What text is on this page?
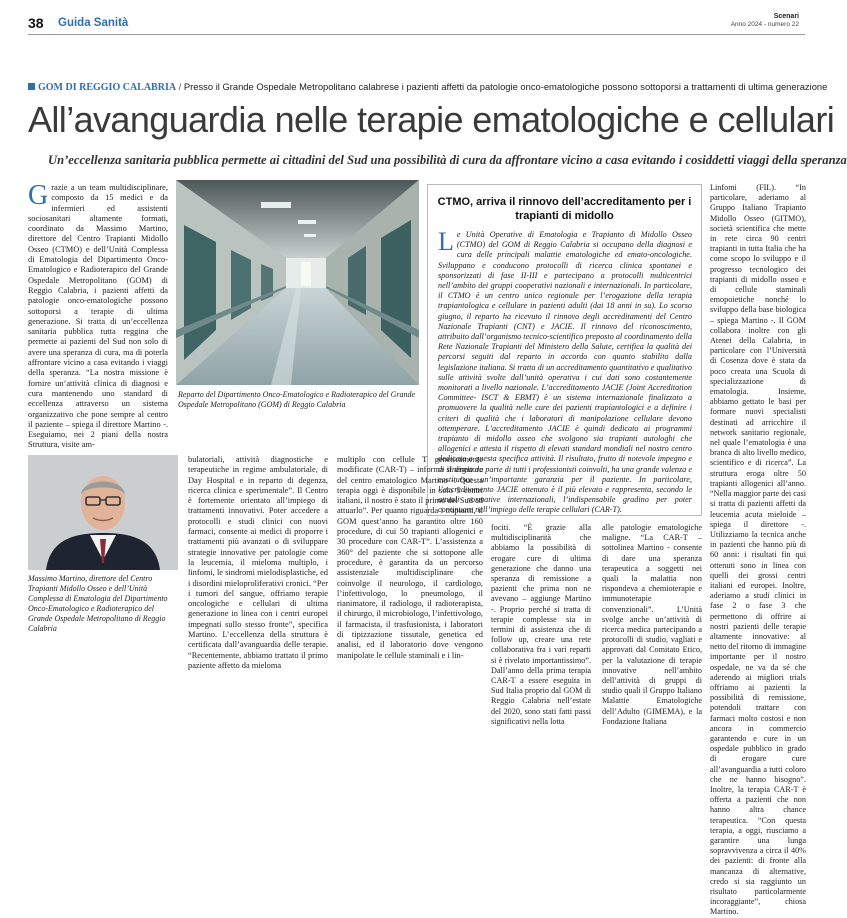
38 Guida Sanità
Scenari
Anno 2024 - numero 22
GOM DI REGGIO CALABRIA / Presso il Grande Ospedale Metropolitano calabrese i pazienti affetti da patologie onco-ematologiche possono sottoporsi a trattamenti di ultima generazione
All’avanguardia nelle terapie ematologiche e cellulari
Un’eccellenza sanitaria pubblica permette ai cittadini del Sud una possibilità di cura da affrontare vicino a casa evitando i cosiddetti viaggi della speranza
Grazie a un team multidisciplinare, composto da 15 medici e da infermieri ed assistenti sociosanitari altamente formati, coordinato da Massimo Martino, direttore del Centro Trapianti Midollo Osseo (CTMO) e dell’Unità Complessa di Ematologia del Dipartimento Onco-Ematologico e Radioterapico del Grande Ospedale Metropolitano (GOM) di Reggio Calabria, i pazienti affetti da patologie onco-ematologiche possono sottoporsi a terapie di ultima generazione. Si tratta di un’eccellenza sanitaria pubblica tutta reggina che permette ai pazienti del Sud non solo di avere una speranza di cura, ma di poterla affrontare vicino a casa evitando i viaggi della speranza. “La nostra missione è fornire un’attività clinica di diagnosi e cura mantenendo uno standard di eccellenza attraverso un sistema organizzativo che pone sempre al centro il paziente – spiega il direttore Martino -. Eseguiamo, nei 2 piani della nostra Struttura, visite am-
Reparto del Dipartimento Onco-Ematologico e Radioterapico del Grande Ospedale Metropolitano (GOM) di Reggio Calabria
CTMO, arriva il rinnovo dell’accreditamento per i trapianti di midollo
Le Unità Operative di Ematologia e Trapianto di Midollo Osseo (CTMO) del GOM di Reggio Calabria si occupano della diagnosi e cura delle principali malattie ematologiche ed emato-oncologiche. Sviluppano e conducono protocolli di ricerca clinica spontanei e sponsorizzati di fase II-III e partecipano a protocolli multicentrici nell’ambito dei gruppi cooperativi nazionali e internazionali. In particolare, il CTMO è un centro unico regionale per l’erogazione della terapia trapiantologica e cellulare in pazienti adulti (dai 18 anni in su). Lo scorso giugno, il reparto ha ricevuto il rinnovo degli accreditamenti del Centro Nazionale Trapianti (CNT) e JACIE. Il rinnovo del riconoscimento, attribuito dall’organismo tecnico-scientifico preposto al coordinamento della Rete Nazionale Trapianti del Ministero della Salute, certifica la qualità dei percorsi seguiti dal reparto in accordo con quanto stabilito dalla legislazione italiana. Si tratta di un accreditamento quantitativo e qualitativo sulle attività svolte dall’unità operativa i cui dati sono costantemente monitorati a livello nazionale. L’accreditamento JACIE (Joint Accreditation Committee- ISCT & EBMT) è un sistema internazionale finalizzato a promuovere la qualità nelle cure dei pazienti trapiantologici e a definire i criteri di qualità che i laboratori di manipolazione cellulare devono ottemperare. L’accreditamento JACIE è quindi dedicato ai programmi trapianto di midollo osseo che svolgono sia trapianti autologhi che allogenici e attesta il rispetto di elevati standard mondiali nel nostro centro dedicato a questa specifica attività. Il risultato, frutto di notevole impegno e di sinergia da parte di tutti i professionisti coinvolti, ha una grande valenza e costituisce un’importante garanzia per il paziente. In particolare, l’accreditamento JACIE ottenuto è il più elevato e rappresenta, secondo le attuali normative internazionali, l’indispensabile gradino per poter continuare nell’impiego delle terapie cellulari (CAR-T).
Linfomi (FIL). “In particolare, aderiamo al Gruppo Italiano Trapianto Midollo Osseo (GITMO), società scientifica che mette in rete circa 90 centri trapianti in tutta Italia che ha come scopo lo sviluppo e il progresso tecnologico dei trapianti di midollo osseo e di cellule staminali emopoietiche nonché lo sviluppo della base biologica – spiega Martino -. Il GOM collabora inoltre con gli Atenei della Calabria, in particolare con l’Università di Cosenza dove è stata da poco creata una Scuola di specializzazione di ematologia. Insieme, abbiamo gettato le basi per formare nuovi specialisti destinati ad arricchire il network sanitario regionale, nel quale l’ematologia è una branca di alto livello medico, scientifico e di ricerca”. La struttura eroga oltre 50 trapianti allogenici all’anno. “Nella maggior parte dei casi si tratta di pazienti affetti da leucemia acuta mieloide – spiega il direttore -. Utilizziamo la tecnica anche in pazienti che hanno più di 60 anni: i risultati fin qui ottenuti sono in linea con quelli dei grossi centri italiani ed europei. Inoltre, aderiamo a studi clinici in fase 2 o fase 3 che permettono di offrire ai nostri pazienti delle terapie altamente innovative: al netto del ritorno di immagine importante per il nostro ospedale, ne va da sé che aderendo ai migliori trials offriamo ai pazienti la possibilità di remissione, potendoli trattare con farmaci molto costosi e non ancora in commercio garantendo e cure in un ospedale pubblico in grado di erogare cure all’avanguardia a tutti coloro che ne hanno bisogno”. Inoltre, la terapia CAR-T è offerta a pazienti che non hanno altra chance terapeutica. “Con questa terapia, a oggi, riusciamo a garantire una lunga sopravvivenza a circa il 40% dei pazienti: di fronte alla mancanza di alternative, credo si sia raggiunto un risultato particolarmente incoraggiante”, chiosa Martino.
Massimo Martino, direttore del Centro Trapianti Midollo Osseo e dell’Unità Complessa di Ematologia del Dipartimento Onco-Ematologico e Radioterapico del Grande Ospedale Metropolitano di Reggio Calabria
bulatoriali, attività diagnostiche e terapeutiche in regime ambulatoriale, di Day Hospital e in reparto di degenza, ricerca clinica e sperimentale”. Il Centro è fortemente orientato all’impiego di trattamenti innovativi. Poter accedere a protocolli e studi clinici con nuovi farmaci, consente ai medici di proporre i trattamenti più avanzati o di sviluppare strategie innovative per patologie come la leucemia, il mieloma multiplo, i linfomi, le sindromi mielodisplastiche, ed i disordini mieloproliferativi cronici. “Per i tumori del sangue, offriamo terapie oncologiche e cellulari di ultima generazione in linea con i centri europei impegnati sullo stesso fronte”, specifica Martino. L’eccellenza della struttura è certificata dall’avanguardia delle terapie. “Recentemente, abbiamo trattato il primo paziente affetto da mieloma
multiplo con cellule T geneticamente modificate (CAR-T) – informa il direttore del centro ematologico Martino -. Questa terapia oggi è disponibile in solo 5 centri italiani, il nostro è stato il primo del Sud ad attuarlo”. Per quanto riguarda i trapianti, il GOM quest’anno ha garantito oltre 160 procedure, di cui 50 trapianti allogenici e 30 procedure con CAR-T”. L’assistenza a 360° del paziente che si sottopone alle procedure, è garantita da un percorso assistenziale multidisciplinare che coinvolge il neurologo, il cardiologo, l’infettivologo, lo pneumologo, il rianimatore, il radiologo, il radioterapista, il chirurgo, il microbiologo, l’infettivologo, il farmacista, il trasfusionista, i laboratori di tipizzazione tissutale, genetica ed analisi, ed il laboratorio dove vengono manipolate le cellule staminali e i lin-
fociti. “È grazie alla multidisciplinarità che abbiamo la possibilità di erogare cure di ultima generazione che danno una speranza di remissione a pazienti che prima non ne avevano – aggiunge Martino -. Proprio perché si tratta di terapie complesse sia in termini di assistenza che di follow up, creare una rete collaborativa fra i vari reparti si è rivelato importantissimo”. Dall’anno della prima terapia CAR-T a essere eseguita in Sud Italia proprio dal GOM di Reggio Calabria nell’estate del 2020, sono stati fatti passi significativi nella lotta
alle patologie ematologiche maligne. “La CAR-T – sottolinea Martino - consente di dare una speranza terapeutica a soggetti nei quali la malattia non rispondeva a chemioterapie e immunoterapie convenzionali”. L’Unità svolge anche un’attività di ricerca medica partecipando a protocolli di studio, vagliati e approvati dal Comitato Etico, per la valutazione di terapie innovative nell’ambito dell’attività di gruppi di studio quali il Gruppo Italiano Malattie Ematologiche dell’Adulto (GIMEMA), e la Fondazione Italiana
